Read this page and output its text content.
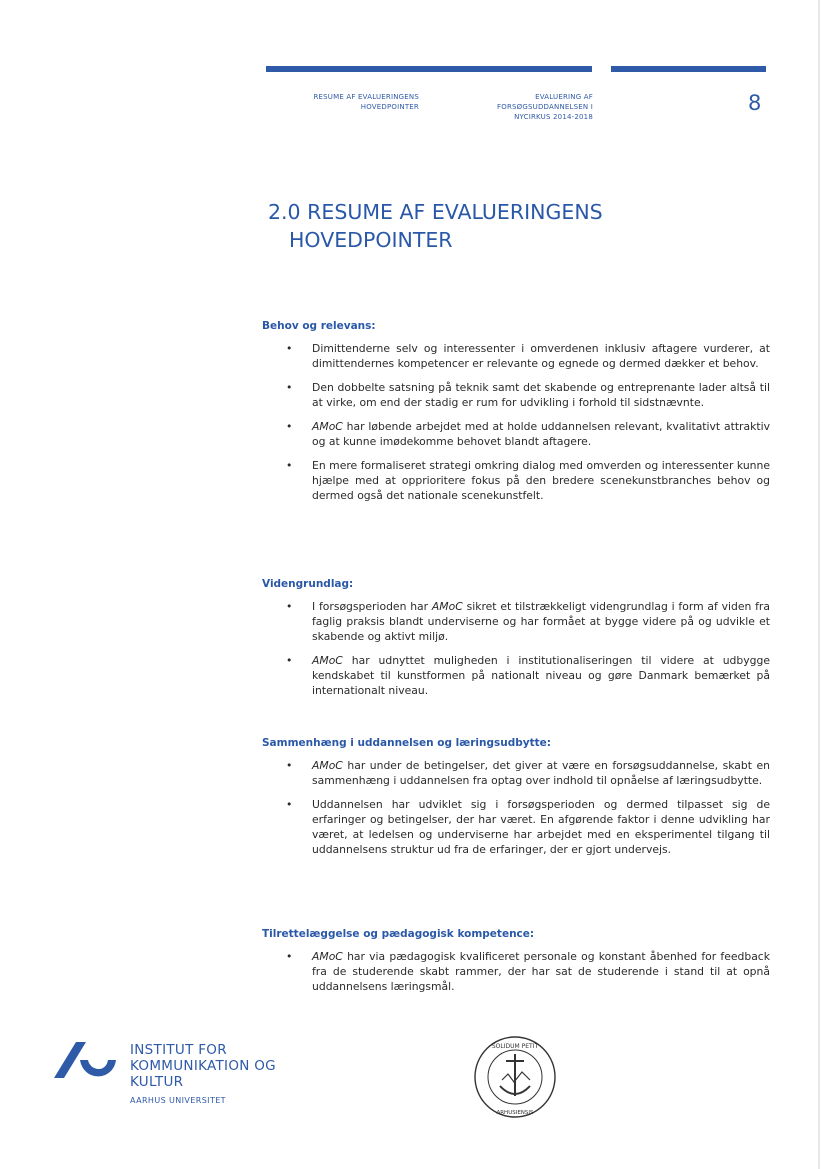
RESUME AF EVALUERINGENS
HOVEDPOINTER
EVALUERING AF
FORSØGSUDDANNELSEN I
NYCIRKUS 2014-2018
8
2.0 RESUME AF EVALUERINGENS
HOVEDPOINTER
Behov og relevans:
• Dimittenderne selv og interessenter i omverdenen inklusiv aftagere vurderer, at dimittendernes kompetencer er relevante og egnede og dermed dækker et behov.
• Den dobbelte satsning på teknik samt det skabende og entreprenante lader altså til at virke, om end der stadig er rum for udvikling i forhold til sidstnævnte.
• AMoC har løbende arbejdet med at holde uddannelsen relevant, kvalitativt attraktiv og at kunne imødekomme behovet blandt aftagere.
• En mere formaliseret strategi omkring dialog med omverden og interessenter kunne hjælpe med at opprioritere fokus på den bredere scenekunstbranches behov og dermed også det nationale scenekunstfelt.
Videngrundlag:
• I forsøgsperioden har AMoC sikret et tilstrækkeligt videngrundlag i form af viden fra faglig praksis blandt underviserne og har formået at bygge videre på og udvikle et skabende og aktivt miljø.
• AMoC har udnyttet muligheden i institutionaliseringen til videre at udbygge kendskabet til kunstformen på nationalt niveau og gøre Danmark bemærket på internationalt niveau.
Sammenhæng i uddannelsen og læringsudbytte:
• AMoC har under de betingelser, det giver at være en forsøgsuddannelse, skabt en sammenhæng i uddannelsen fra optag over indhold til opnåelse af læringsudbytte.
• Uddannelsen har udviklet sig i forsøgsperioden og dermed tilpasset sig de erfaringer og betingelser, der har været. En afgørende faktor i denne udvikling har været, at ledelsen og underviserne har arbejdet med en eksperimentel tilgang til uddannelsens struktur ud fra de erfaringer, der er gjort undervejs.
Tilrettelæggelse og pædagogisk kompetence:
• AMoC har via pædagogisk kvalificeret personale og konstant åbenhed for feedback fra de studerende skabt rammer, der har sat de studerende i stand til at opnå uddannelsens læringsmål.
INSTITUT FOR
KOMMUNIKATION OG
KULTUR
AARHUS UNIVERSITET
SOLIDUM PETIT
ARHUSIENSIS
